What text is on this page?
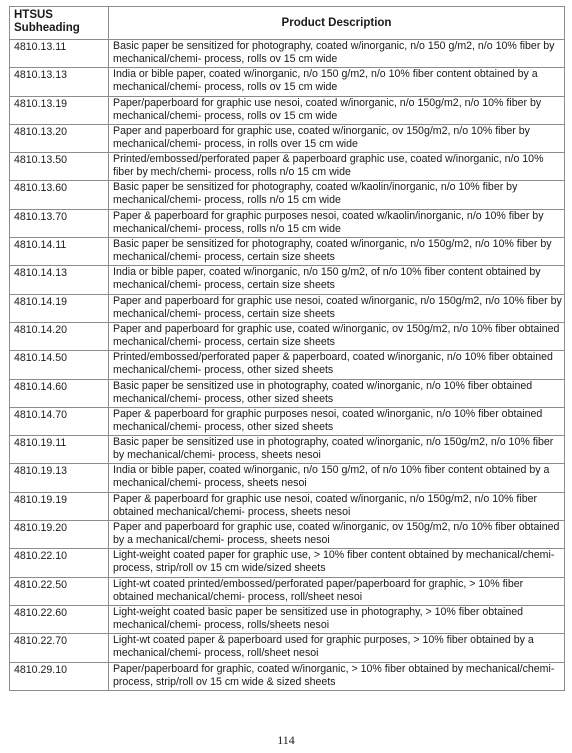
HTSUS
Subheading	Product Description
4810.13.11	Basic paper be sensitized for photography, coated w/inorganic, n/o 150 g/m2, n/o 10% fiber by mechanical/chemi- process, rolls ov 15 cm wide
4810.13.13	India or bible paper, coated w/inorganic, n/o 150 g/m2, n/o 10% fiber content obtained by a mechanical/chemi- process, rolls ov 15 cm wide
4810.13.19	Paper/paperboard for graphic use nesoi, coated w/inorganic, n/o 150g/m2, n/o 10% fiber by mechanical/chemi- process, rolls ov 15 cm wide
4810.13.20	Paper and paperboard for graphic use, coated w/inorganic, ov 150g/m2, n/o 10% fiber by mechanical/chemi- process, in rolls over 15 cm wide
4810.13.50	Printed/embossed/perforated paper & paperboard graphic use, coated w/inorganic, n/o 10% fiber by mech/chemi- process, rolls n/o 15 cm wide
4810.13.60	Basic paper be sensitized for photography, coated w/kaolin/inorganic, n/o 10% fiber by mechanical/chemi- process, rolls n/o 15 cm wide
4810.13.70	Paper & paperboard for graphic purposes nesoi, coated w/kaolin/inorganic, n/o 10% fiber by mechanical/chemi- process, rolls n/o 15 cm wide
4810.14.11	Basic paper be sensitized for photography, coated w/inorganic, n/o 150g/m2, n/o 10% fiber by mechanical/chemi- process, certain size sheets
4810.14.13	India or bible paper, coated w/inorganic, n/o 150 g/m2, of n/o 10% fiber content obtained by mechanical/chemi- process, certain size sheets
4810.14.19	Paper and paperboard for graphic use nesoi, coated w/inorganic, n/o 150g/m2, n/o 10% fiber by mechanical/chemi- process, certain size sheets
4810.14.20	Paper and paperboard for graphic use, coated w/inorganic, ov 150g/m2, n/o 10% fiber obtained mechanical/chemi- process, certain size sheets
4810.14.50	Printed/embossed/perforated paper & paperboard, coated w/inorganic, n/o 10% fiber obtained mechanical/chemi- process, other sized sheets
4810.14.60	Basic paper be sensitized use in photography, coated w/inorganic, n/o 10% fiber obtained mechanical/chemi- process, other sized sheets
4810.14.70	Paper & paperboard for graphic purposes nesoi, coated w/inorganic, n/o 10% fiber obtained mechanical/chemi- process, other sized sheets
4810.19.11	Basic paper be sensitized use in photography, coated w/inorganic, n/o 150g/m2, n/o 10% fiber by mechanical/chemi- process, sheets nesoi
4810.19.13	India or bible paper, coated w/inorganic, n/o 150 g/m2, of n/o 10% fiber content obtained by a mechanical/chemi- process, sheets nesoi
4810.19.19	Paper & paperboard for graphic use nesoi, coated w/inorganic, n/o 150g/m2, n/o 10% fiber obtained mechanical/chemi- process, sheets nesoi
4810.19.20	Paper and paperboard for graphic use, coated w/inorganic, ov 150g/m2, n/o 10% fiber obtained by a mechanical/chemi- process, sheets nesoi
4810.22.10	Light-weight coated paper for graphic use, > 10% fiber content obtained by mechanical/chemi- process, strip/roll ov 15 cm wide/sized sheets
4810.22.50	Light-wt coated printed/embossed/perforated paper/paperboard for graphic, > 10% fiber obtained mechanical/chemi- process, roll/sheet nesoi
4810.22.60	Light-weight coated basic paper be sensitized use in photography, > 10% fiber obtained mechanical/chemi- process, rolls/sheets nesoi
4810.22.70	Light-wt coated paper & paperboard used for graphic purposes, > 10% fiber obtained by a mechanical/chemi- process, roll/sheet nesoi
4810.29.10	Paper/paperboard for graphic, coated w/inorganic, > 10% fiber obtained by mechanical/chemi- process, strip/roll ov 15 cm wide & sized sheets
114
